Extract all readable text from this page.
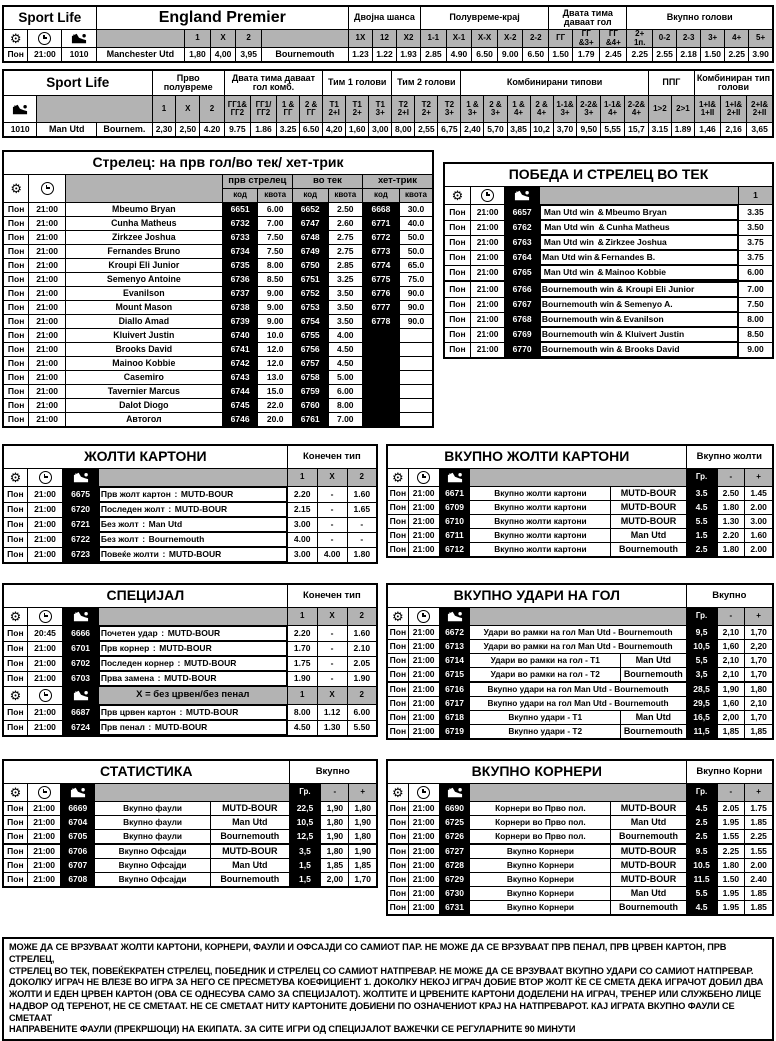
Sport Life			England Premier					Двојна шанса			Полувреме-крај					Двата тима даваат гол			Вкупно голови					
⚙				1	X	2		1X	12	X2	1-1	X-1	X-X	X-2	2-2	ГГ	ГГ &3+	ГГ &4+	2+ 1п.	0-2	2-3	3+	4+	5+
Пон	21:00	1010	Manchester Utd	1,80	4,00	3,95	Bournemouth	1.23	1.22	1.93	2.85	4.90	6.50	9.00	6.50	1.50	1.79	2.45	2.25	2.55	2.18	1.50	2.25	3.90
Sport Life			Прво полувреме			Двата тима даваат гол комб.				Тим 1 голови			Тим 2 голови			Комбинирани типови								ППГ		Комбиниран тип голови		
		1	X	2	ГГ1& ГГ2	ГГ1/ ГГ2	1 & ГГ	2 & ГГ	Т1 2+I	Т1 2+	Т1 3+	Т2 2+I	Т2 2+	Т2 3+	1 & 3+	2 & 3+	1 & 4+	2 & 4+	1-1& 3+	2-2& 3+	1-1& 4+	2-2& 4+	1>2	2>1	1+I& 1+II	1+I& 2+II	2+I& 2+II
1010	Man Utd	Bournem.	2,30	2,50	4.20	9.75	1.86	3.25	6.50	4,20	1,60	3,00	8,00	2,55	6,75	2,40	5,70	3,85	10,2	3,70	9,50	5,55	15,7	3.15	1.89	1,46	2,16	3,65
Стрелец: на прв гол/во тек/ хет-трик								
⚙			прв стрелец		во тек		хет-трик	
			код	квота	код	квота	код	квота
Пон	21:00	Mbeumo Bryan	6651	6.00	6652	2.50	6668	30.0
Пон	21:00	Cunha Matheus	6732	7.00	6747	2.60	6771	40.0
Пон	21:00	Zirkzee Joshua	6733	7.50	6748	2.75	6772	50.0
Пон	21:00	Fernandes Bruno	6734	7.50	6749	2.75	6773	50.0
Пон	21:00	Kroupi Eli Junior	6735	8.00	6750	2.85	6774	65.0
Пон	21:00	Semenyo Antoine	6736	8.50	6751	3.25	6775	75.0
Пон	21:00	Evanilson	6737	9.00	6752	3.50	6776	90.0
Пон	21:00	Mount Mason	6738	9.00	6753	3.50	6777	90.0
Пон	21:00	Diallo Amad	6739	9.00	6754	3.50	6778	90.0
Пон	21:00	Kluivert Justin	6740	10.0	6755	4.00		
Пон	21:00	Brooks David	6741	12.0	6756	4.50		
Пон	21:00	Mainoo Kobbie	6742	12.0	6757	4.50		
Пон	21:00	Casemiro	6743	13.0	6758	5.00		
Пон	21:00	Tavernier Marcus	6744	15.0	6759	6.00		
Пон	21:00	Dalot Diogo	6745	22.0	6760	8.00		
Пон	21:00	Автогол	6746	20.0	6761	7.00		
ПОБЕДА И СТРЕЛЕЦ ВО ТЕК				
⚙				1
Пон	21:00	6657	Man Utd win & Mbeumo Bryan	3.35
Пон	21:00	6762	Man Utd win & Cunha Matheus	3.50
Пон	21:00	6763	Man Utd win & Zirkzee Joshua	3.75
Пон	21:00	6764	Man Utd win & Fernandes B.	3.75
Пон	21:00	6765	Man Utd win & Mainoo Kobbie	6.00
Пон	21:00	6766	Bournemouth win & Kroupi Eli Junior	7.00
Пон	21:00	6767	Bournemouth win & Semenyo A.	7.50
Пон	21:00	6768	Bournemouth win & Evanilson	8.00
Пон	21:00	6769	Bournemouth win & Kluivert Justin	8.50
Пон	21:00	6770	Bournemouth win & Brooks David	9.00
ЖОЛТИ КАРТОНИ				Конечен тип		
⚙				1	X	2
Пон	21:00	6675	Прв жолт картон : MUTD-BOUR	2.20	-	1.60
Пон	21:00	6720	Последен жолт : MUTD-BOUR	2.15	-	1.65
Пон	21:00	6721	Без жолт : Man Utd	3.00	-	-
Пон	21:00	6722	Без жолт : Bournemouth	4.00	-	-
Пон	21:00	6723	Повеќе жолти : MUTD-BOUR	3.00	4.00	1.80
ВКУПНО ЖОЛТИ КАРТОНИ					Вкупно жолти		
⚙					Гр.	-	+
Пон	21:00	6671	Вкупно жолти картони	MUTD-BOUR	3.5	2.50	1.45
Пон	21:00	6709	Вкупно жолти картони	MUTD-BOUR	4.5	1.80	2.00
Пон	21:00	6710	Вкупно жолти картони	MUTD-BOUR	5.5	1.30	3.00
Пон	21:00	6711	Вкупно жолти картони	Man Utd	1.5	2.20	1.60
Пон	21:00	6712	Вкупно жолти картони	Bournemouth	2.5	1.80	2.00
СПЕЦИЈАЛ				Конечен тип		
⚙				1	X	2
Пон	20:45	6666	Почетен удар : MUTD-BOUR	2.20	-	1.60
Пон	21:00	6701	Прв корнер : MUTD-BOUR	1.70	-	2.10
Пон	21:00	6702	Последен корнер : MUTD-BOUR	1.75	-	2.05
Пон	21:00	6703	Прва замена : MUTD-BOUR	1.90	-	1.90
⚙			X = без црвен/без пенал	1	X	2
Пон	21:00	6687	Прв црвен картон : MUTD-BOUR	8.00	1.12	6.00
Пон	21:00	6724	Прв пенал : MUTD-BOUR	4.50	1.30	5.50
ВКУПНО УДАРИ НА ГОЛ					Вкупно		
⚙					Гр.	-	+
Пон	21:00	6672	Удари во рамки на гол Man Utd - Bournemouth		9,5	2,10	1,70
Пон	21:00	6713	Удари во рамки на гол Man Utd - Bournemouth		10,5	1,60	2,20
Пон	21:00	6714	Удари во рамки на гол - Т1	Man Utd	5,5	2,10	1,70
Пон	21:00	6715	Удари во рамки на гол - Т2	Bournemouth	3,5	2,10	1,70
Пон	21:00	6716	Вкупно удари на гол Man Utd - Bournemouth		28,5	1,90	1,80
Пон	21:00	6717	Вкупно удари на гол Man Utd - Bournemouth		29,5	1,60	2,10
Пон	21:00	6718	Вкупно удари - Т1	Man Utd	16,5	2,00	1,70
Пон	21:00	6719	Вкупно удари - Т2	Bournemouth	11,5	1,85	1,85
СТАТИСТИКА					Вкупно		
⚙					Гр.	-	+
Пон	21:00	6669	Вкупно фаули	MUTD-BOUR	22,5	1,90	1,80
Пон	21:00	6704	Вкупно фаули	Man Utd	10,5	1,80	1,90
Пон	21:00	6705	Вкупно фаули	Bournemouth	12,5	1,90	1,80
Пон	21:00	6706	Вкупно Офсајди	MUTD-BOUR	3,5	1,80	1,90
Пон	21:00	6707	Вкупно Офсајди	Man Utd	1,5	1,85	1,85
Пон	21:00	6708	Вкупно Офсајди	Bournemouth	1,5	2,00	1,70
ВКУПНО КОРНЕРИ					Вкупно Корни		
⚙					Гр.	-	+
Пон	21:00	6690	Корнери во Прво пол.	MUTD-BOUR	4.5	2.05	1.75
Пон	21:00	6725	Корнери во Прво пол.	Man Utd	2.5	1.95	1.85
Пон	21:00	6726	Корнери во Прво пол.	Bournemouth	2.5	1.55	2.25
Пон	21:00	6727	Вкупно Корнери	MUTD-BOUR	9.5	2.25	1.55
Пон	21:00	6728	Вкупно Корнери	MUTD-BOUR	10.5	1.80	2.00
Пон	21:00	6729	Вкупно Корнери	MUTD-BOUR	11.5	1.50	2.40
Пон	21:00	6730	Вкупно Корнери	Man Utd	5.5	1.95	1.85
Пон	21:00	6731	Вкупно Корнери	Bournemouth	4.5	1.95	1.85
МОЖЕ ДА СЕ ВРЗУВААТ ЖОЛТИ КАРТОНИ, КОРНЕРИ, ФАУЛИ И ОФСАЈДИ СО САМИОТ ПАР. НЕ МОЖЕ ДА СЕ ВРЗУВААТ ПРВ ПЕНАЛ, ПРВ ЦРВЕН КАРТОН, ПРВ СТРЕЛЕЦ,
СТРЕЛЕЦ ВО ТЕК, ПОВЕЌЕКРАТЕН СТРЕЛЕЦ, ПОБЕДНИК И СТРЕЛЕЦ СО САМИОТ НАТПРЕВАР. НЕ МОЖЕ ДА СЕ ВРЗУВААТ ВКУПНО УДАРИ СО САМИОТ НАТПРЕВАР.
ДОКОЛКУ ИГРАЧ НЕ ВЛЕЗЕ ВО ИГРА ЗА НЕГО СЕ ПРЕСМЕТУВА КОЕФИЦИЕНТ 1. ДОКОЛКУ НЕКОЈ ИГРАЧ ДОБИЕ ВТОР ЖОЛТ ЌЕ СЕ СМЕТА ДЕКА ИГРАЧОТ ДОБИЛ ДВА
ЖОЛТИ И ЕДЕН ЦРВЕН КАРТОН (ОВА СЕ ОДНЕСУВА САМО ЗА СПЕЦИЈАЛОТ). ЖОЛТИТЕ И ЦРВЕНИТЕ КАРТОНИ ДОДЕЛЕНИ НА ИГРАЧ, ТРЕНЕР ИЛИ СЛУЖБЕНО ЛИЦЕ
НАДВОР ОД ТЕРЕНОТ, НЕ СЕ СМЕТААТ. НЕ СЕ СМЕТААТ НИТУ КАРТОНИТЕ ДОБИЕНИ ПО ОЗНАЧЕНИОТ КРАЈ НА НАТПРЕВАРОТ. КАЈ ИГРАТА ВКУПНО ФАУЛИ СЕ СМЕТААТ
НАПРАВЕНИТЕ ФАУЛИ (ПРЕКРШОЦИ) НА ЕКИПАТА. ЗА СИТЕ ИГРИ ОД СПЕЦИЈАЛОТ ВАЖЕЧКИ СЕ РЕГУЛАРНИТЕ 90 МИНУТИ
